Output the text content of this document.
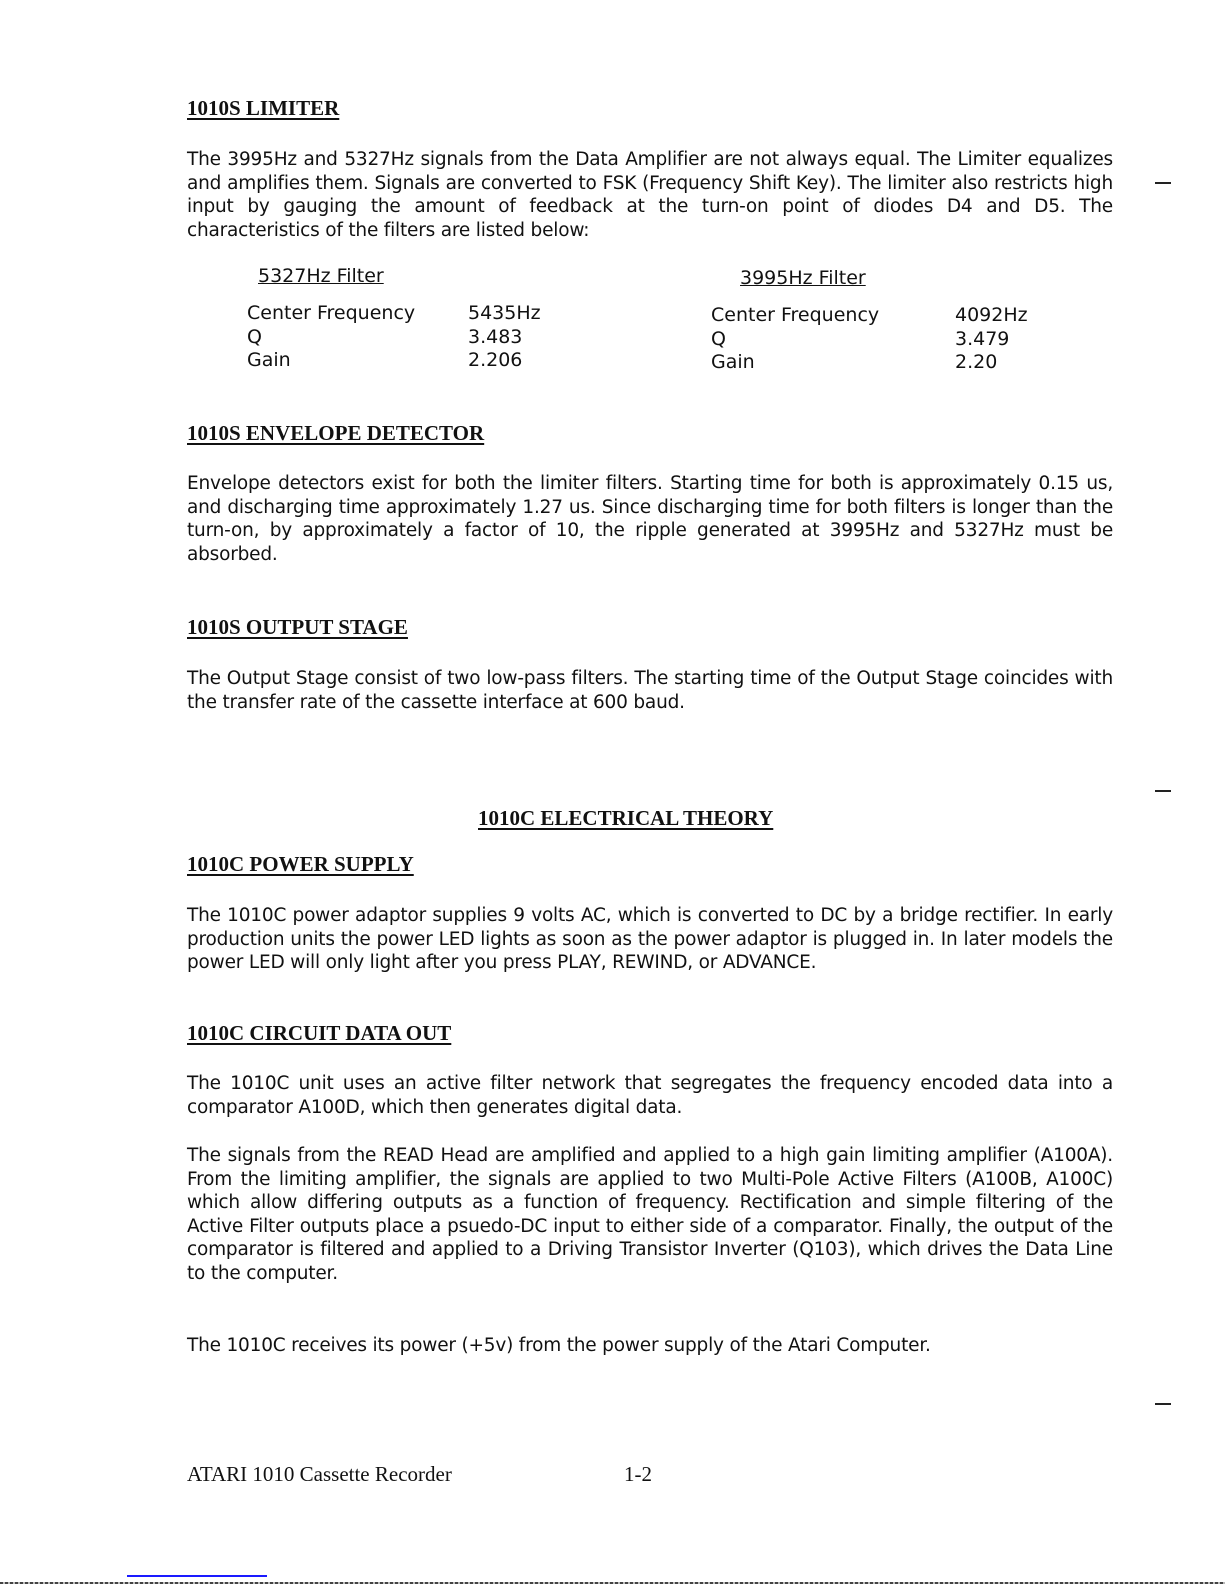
1010S LIMITER
The 3995Hz and 5327Hz signals from the Data Amplifier are not always equal. The Limiter equalizes and amplifies them. Signals are converted to FSK (Frequency Shift Key). The limiter also restricts high input by gauging the amount of feedback at the turn-on point of diodes D4 and D5. The characteristics of the filters are listed below:
5327Hz Filter
Center Frequency
Q
Gain
5435Hz
3.483
2.206
3995Hz Filter
Center Frequency
Q
Gain
4092Hz
3.479
2.20
1010S ENVELOPE DETECTOR
Envelope detectors exist for both the limiter filters. Starting time for both is approximately 0.15 us, and discharging time approximately 1.27 us. Since discharging time for both filters is longer than the turn-on, by approximately a factor of 10, the ripple generated at 3995Hz and 5327Hz must be absorbed.
1010S OUTPUT STAGE
The Output Stage consist of two low-pass filters. The starting time of the Output Stage coincides with the transfer rate of the cassette interface at 600 baud.
1010C ELECTRICAL THEORY
1010C POWER SUPPLY
The 1010C power adaptor supplies 9 volts AC, which is converted to DC by a bridge rectifier. In early production units the power LED lights as soon as the power adaptor is plugged in. In later models the power LED will only light after you press PLAY, REWIND, or ADVANCE.
1010C CIRCUIT DATA OUT
The 1010C unit uses an active filter network that segregates the frequency encoded data into a comparator A100D, which then generates digital data.
The signals from the READ Head are amplified and applied to a high gain limiting amplifier (A100A). From the limiting amplifier, the signals are applied to two Multi-Pole Active Filters (A100B, A100C) which allow differing outputs as a function of frequency. Rectification and simple filtering of the Active Filter outputs place a psuedo-DC input to either side of a comparator. Finally, the output of the comparator is filtered and applied to a Driving Transistor Inverter (Q103), which drives the Data Line to the computer.
The 1010C receives its power (+5v) from the power supply of the Atari Computer.
ATARI 1010 Cassette Recorder	1-2
